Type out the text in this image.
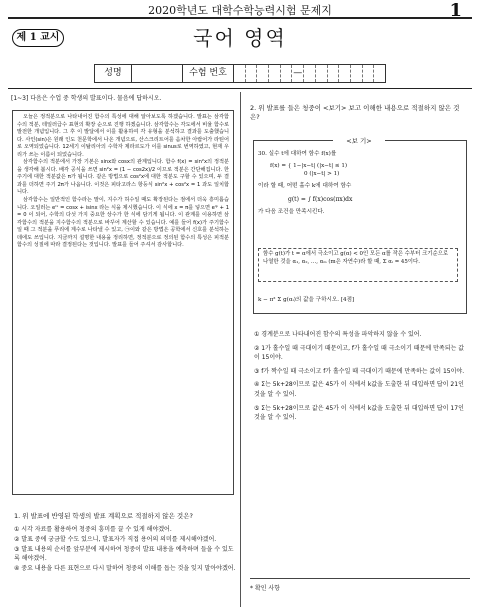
2020학년도 대학수학능력시험 문제지	1
제 1 교시	국어 영역
성명	수험 번호	—
[1~3] 다음은 수업 중 학생의 발표이다. 물음에 답하시오.

오늘은 정적분으로 나타내어진 함수의 특성에 대해 알아보도록 하겠습니다. 발표는 삼각함수의 적분, 테일러급수 표현의 확장 순으로 진행 하겠습니다. 삼각함수는 각도에서 비율 함수로 발전한 개념입니다. 그 후 이 발달에서 이를 활용하여 각 유형을 분석하고 결과를 도출했습니다. 사인(sin)은 원래 인도 천문학에서 나온 개념으로, 산스크리트어를 음차한 아랍어가 라틴어로 오역되었습니다. 12세기 이탈리아의 수학자 제라르도가 이를 sinus로 번역하였고, 현재 우리가 쓰는 이름이 되었습니다.

삼각함수의 적분에서 가장 기본은 sinx와 cosx의 관계입니다. 함수 f(x) = sin²x의 정적분을 생각해 봅시다. 배각 공식을 쓰면 sin²x = (1 − cos2x)/2 이므로 적분은 간단해집니다. 한 주기에 대한 적분값은 π가 됩니다. 같은 방법으로 cos²x에 대한 적분도 구할 수 있으며, 두 결과를 더하면 주기 2π가 나옵니다. 이것은 피타고라스 항등식 sin²x + cos²x = 1 과도 일치합니다.

삼각함수는 일반적인 함수라는 말이, 지수가 허수일 때도 확장된다는 점에서 더욱 흥미롭습니다. 오일러는 eⁱˣ = cosx + isinx 라는 식을 제시했습니다. 이 식에 x = π를 넣으면 eⁱᵖ + 1 = 0 이 되어, 수학의 다섯 가지 중요한 상수가 한 식에 담기게 됩니다. 이 관계를 이용하면 삼각함수의 적분을 지수함수의 적분으로 바꾸어 계산할 수 있습니다. 예를 들어 f(x)가 주기함수일 때 그 적분을 푸리에 계수로 나타낼 수 있고, ㉠이와 같은 방법은 공학에서 신호를 분석하는 데에도 쓰입니다. 지금까지 설명한 내용을 정리하면, 정적분으로 정의된 함수의 특성은 피적분 함수의 성질에 따라 결정된다는 것입니다. 발표를 들어 주셔서 감사합니다.

1. 위 발표에 반영된 학생의 발표 계획으로 적절하지 않은 것은?
① 시각 자료를 활용하여 청중의 흥미를 끌 수 있게 해야겠어.
② 발표 중에 궁금할 수도 있으니, 발표자가 직접 용어의 의미를 제시해야겠어.
③ 발표 내용의 순서를 앞부분에 제시하여 청중이 발표 내용을 예측하며 들을 수 있도록 해야겠어.
④ 중요 내용을 다른 표현으로 다시 말하여 청중의 이해를 돕는 것을 잊지 말아야겠어.
2. 위 발표를 들은 청중이 <보기> 보고 이해한 내용으로 적절하지 않은 것은?
<보 기>
30. 실수 t에 대하여 함수 f(x)를
f(x) = { 1−|x−t| (|x−t| ≤ 1)
0 (|x−t| > 1)
이라 할 때, 어떤 홀수 k에 대하여 함수
g(t) = ∫ f(x)cos(πx)dx
가 다음 조건을 만족시킨다.
함수 g(t)가 t = α에서 극소이고 g(α) < 0인 모든 α를 작은 수부터 크기순으로 나열한 것을 α₁, α₂, …, αₘ (m은 자연수)라 할 때, Σ αᵢ = 45이다.
k − π² Σ g(αᵢ)의 값을 구하시오. [4점]
① 경계분으로 나타내어진 함수의 특성을 파악하지 않을 수 있어.
② 1가 홀수일 때 극대이기 때문이고, f가 홀수일 때 극소이기 때문에 만족되는 값이 15이야.
③ f가 짝수일 때 극소이고 f가 홀수일 때 극대이기 때문에 만족하는 값이 15이야.
④ Σ는 5k+28이므로 값은 45가 이 식에서 k값을 도출한 뒤 대입하면 답이 21인 것을 알 수 있어.
⑤ Σ는 5k+28이므로 값은 45가 이 식에서 k값을 도출한 뒤 대입하면 답이 17인 것을 알 수 있어.
* 확인 사항
